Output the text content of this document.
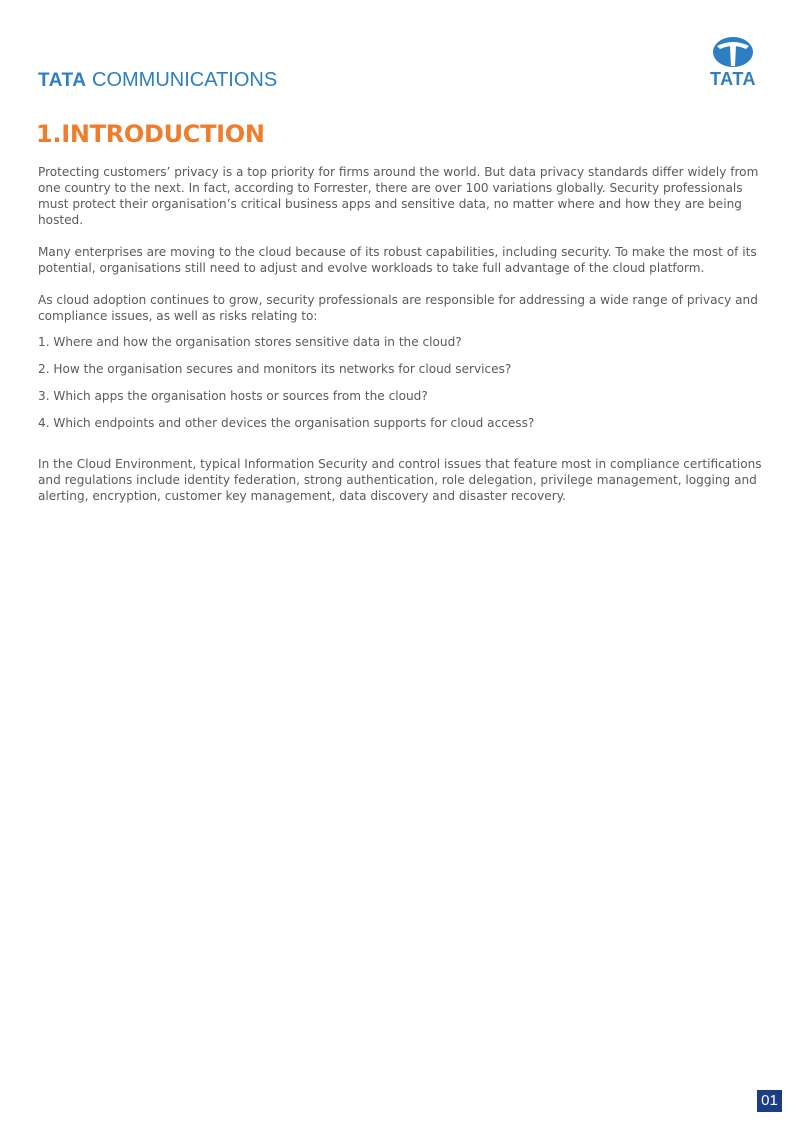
TATA COMMUNICATIONS	TATA
1.INTRODUCTION

Protecting customers’ privacy is a top priority for firms around the world. But data privacy standards differ widely from one country to the next. In fact, according to Forrester, there are over 100 variations globally. Security professionals must protect their organisation’s critical business apps and sensitive data, no matter where and how they are being hosted.

Many enterprises are moving to the cloud because of its robust capabilities, including security. To make the most of its potential, organisations still need to adjust and evolve workloads to take full advantage of the cloud platform.

As cloud adoption continues to grow, security professionals are responsible for addressing a wide range of privacy and compliance issues, as well as risks relating to:

1. Where and how the organisation stores sensitive data in the cloud?
2. How the organisation secures and monitors its networks for cloud services?
3. Which apps the organisation hosts or sources from the cloud?
4. Which endpoints and other devices the organisation supports for cloud access?

In the Cloud Environment, typical Information Security and control issues that feature most in compliance certifications and regulations include identity federation, strong authentication, role delegation, privilege management, logging and alerting, encryption, customer key management, data discovery and disaster recovery.

01
